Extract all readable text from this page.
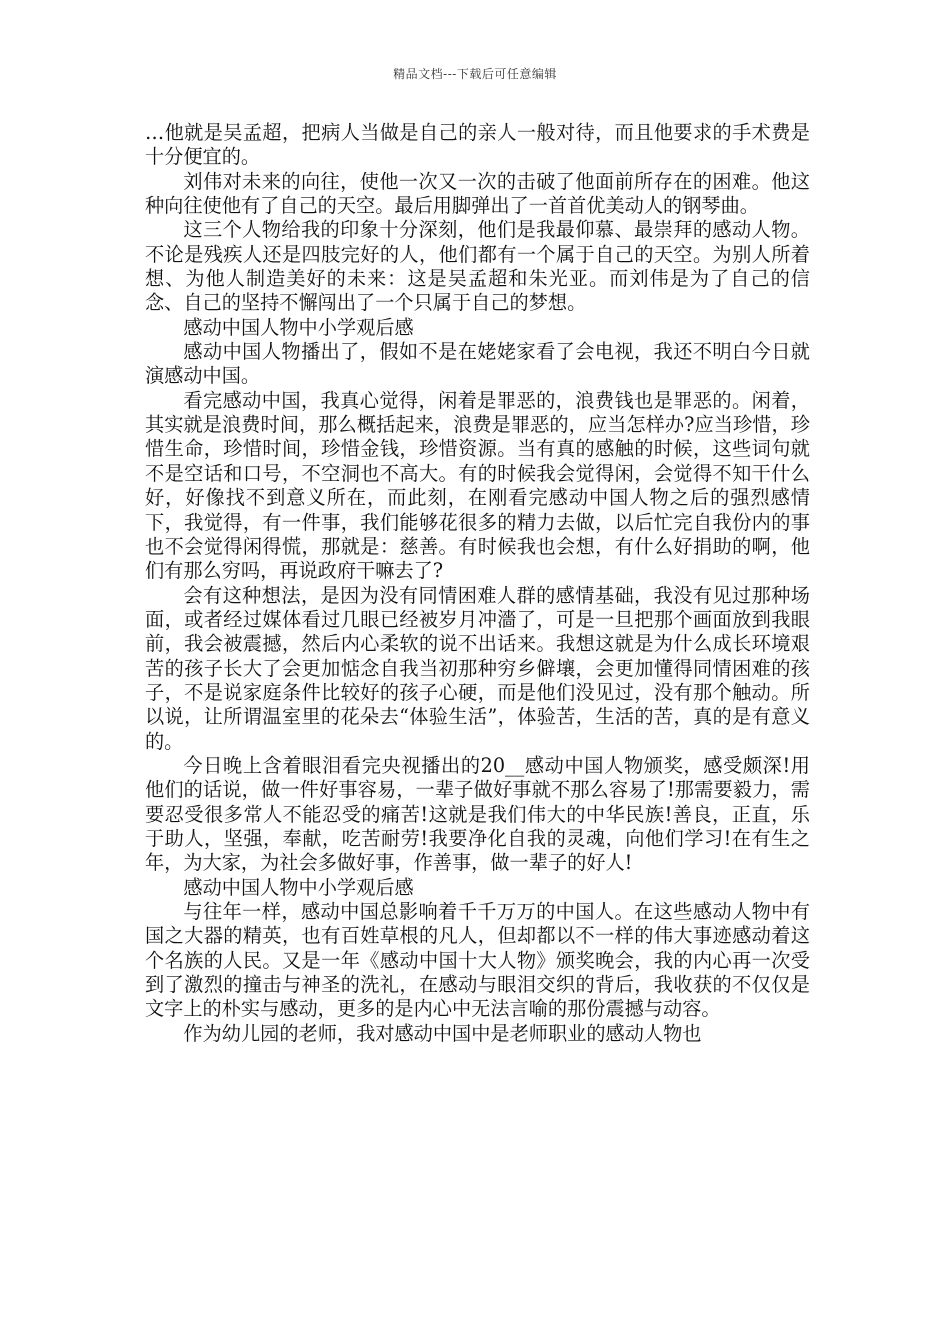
精品文档---下载后可任意编辑

…他就是吴孟超，把病人当做是自己的亲人一般对待，而且他要求的手术费是十分便宜的。

刘伟对未来的向往，使他一次又一次的击破了他面前所存在的困难。他这种向往使他有了自己的天空。最后用脚弹出了一首首优美动人的钢琴曲。

这三个人物给我的印象十分深刻，他们是我最仰慕、最崇拜的感动人物。不论是残疾人还是四肢完好的人，他们都有一个属于自己的天空。为别人所着想、为他人制造美好的未来：这是吴孟超和朱光亚。而刘伟是为了自己的信念、自己的坚持不懈闯出了一个只属于自己的梦想。

感动中国人物中小学观后感

感动中国人物播出了，假如不是在姥姥家看了会电视，我还不明白今日就演感动中国。

看完感动中国，我真心觉得，闲着是罪恶的，浪费钱也是罪恶的。闲着，其实就是浪费时间，那么概括起来，浪费是罪恶的，应当怎样办?应当珍惜，珍惜生命，珍惜时间，珍惜金钱，珍惜资源。当有真的感触的时候，这些词句就不是空话和口号，不空洞也不高大。有的时候我会觉得闲，会觉得不知干什么好，好像找不到意义所在，而此刻，在刚看完感动中国人物之后的强烈感情下，我觉得，有一件事，我们能够花很多的精力去做，以后忙完自我份内的事也不会觉得闲得慌，那就是：慈善。有时候我也会想，有什么好捐助的啊，他们有那么穷吗，再说政府干嘛去了?

会有这种想法，是因为没有同情困难人群的感情基础，我没有见过那种场面，或者经过媒体看过几眼已经被岁月冲濇了，可是一旦把那个画面放到我眼前，我会被震撼，然后内心柔软的说不出话来。我想这就是为什么成长环境艰苦的孩子长大了会更加惦念自我当初那种穷乡僻壤，会更加懂得同情困难的孩子，不是说家庭条件比较好的孩子心硬，而是他们没见过，没有那个触动。所以说，让所谓温室里的花朵去“体验生活”，体验苦，生活的苦，真的是有意义的。

今日晚上含着眼泪看完央视播出的20__感动中国人物颁奖，感受颇深!用他们的话说，做一件好事容易，一辈子做好事就不那么容易了!那需要毅力，需要忍受很多常人不能忍受的痛苦!这就是我们伟大的中华民族!善良，正直，乐于助人，坚强，奉献，吃苦耐劳!我要净化自我的灵魂，向他们学习!在有生之年，为大家，为社会多做好事，作善事，做一辈子的好人!

感动中国人物中小学观后感

与往年一样，感动中国总影响着千千万万的中国人。在这些感动人物中有国之大器的精英，也有百姓草根的凡人，但却都以不一样的伟大事迹感动着这个名族的人民。又是一年《感动中国十大人物》颁奖晚会，我的内心再一次受到了激烈的撞击与神圣的洗礼，在感动与眼泪交织的背后，我收获的不仅仅是文字上的朴实与感动，更多的是内心中无法言喻的那份震撼与动容。

作为幼儿园的老师，我对感动中国中是老师职业的感动人物也
